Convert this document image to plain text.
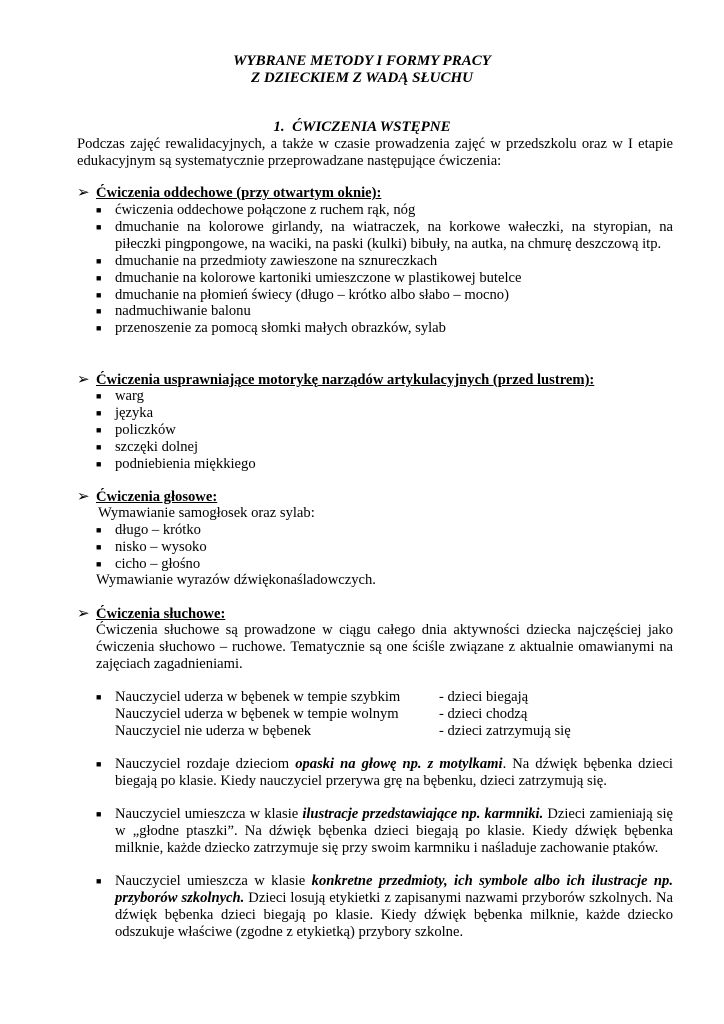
WYBRANE METODY I FORMY PRACY
Z DZIECKIEM Z WADĄ SŁUCHU
1. ĆWICZENIA WSTĘPNE
Podczas zajęć rewalidacyjnych, a także w czasie prowadzenia zajęć w przedszkolu oraz w I etapie edukacyjnym są systematycznie przeprowadzane następujące ćwiczenia:
➢ Ćwiczenia oddechowe (przy otwartym oknie):
■ ćwiczenia oddechowe połączone z ruchem rąk, nóg
■ dmuchanie na kolorowe girlandy, na wiatraczek, na korkowe wałeczki, na styropian, na piłeczki pingpongowe, na waciki, na paski (kulki) bibuły, na autka, na chmurę deszczową itp.
■ dmuchanie na przedmioty zawieszone na sznureczkach
■ dmuchanie na kolorowe kartoniki umieszczone w plastikowej butelce
■ dmuchanie na płomień świecy (długo – krótko albo słabo – mocno)
■ nadmuchiwanie balonu
■ przenoszenie za pomocą słomki małych obrazków, sylab
➢ Ćwiczenia usprawniające motorykę narządów artykulacyjnych (przed lustrem):
■ warg
■ języka
■ policzków
■ szczęki dolnej
■ podniebienia miękkiego
➢ Ćwiczenia głosowe:
Wymawianie samogłosek oraz sylab:
■ długo – krótko
■ nisko – wysoko
■ cicho – głośno
Wymawianie wyrazów dźwiękonaśladowczych.
➢ Ćwiczenia słuchowe:
Ćwiczenia słuchowe są prowadzone w ciągu całego dnia aktywności dziecka najczęściej jako ćwiczenia słuchowo – ruchowe. Tematycznie są one ściśle związane z aktualnie omawianymi na zajęciach zagadnieniami.
■ Nauczyciel uderza w bębenek w tempie szybkim	- dzieci biegają
Nauczyciel uderza w bębenek w tempie wolnym	- dzieci chodzą
Nauczyciel nie uderza w bębenek	- dzieci zatrzymują się
■ Nauczyciel rozdaje dzieciom opaski na głowę np. z motylkami. Na dźwięk bębenka dzieci biegają po klasie. Kiedy nauczyciel przerywa grę na bębenku, dzieci zatrzymują się.
■ Nauczyciel umieszcza w klasie ilustracje przedstawiające np. karmniki. Dzieci zamieniają się w „głodne ptaszki”. Na dźwięk bębenka dzieci biegają po klasie. Kiedy dźwięk bębenka milknie, każde dziecko zatrzymuje się przy swoim karmniku i naśladuje zachowanie ptaków.
■ Nauczyciel umieszcza w klasie konkretne przedmioty, ich symbole albo ich ilustracje np. przyborów szkolnych. Dzieci losują etykietki z zapisanymi nazwami przyborów szkolnych. Na dźwięk bębenka dzieci biegają po klasie. Kiedy dźwięk bębenka milknie, każde dziecko odszukuje właściwe (zgodne z etykietką) przybory szkolne.
